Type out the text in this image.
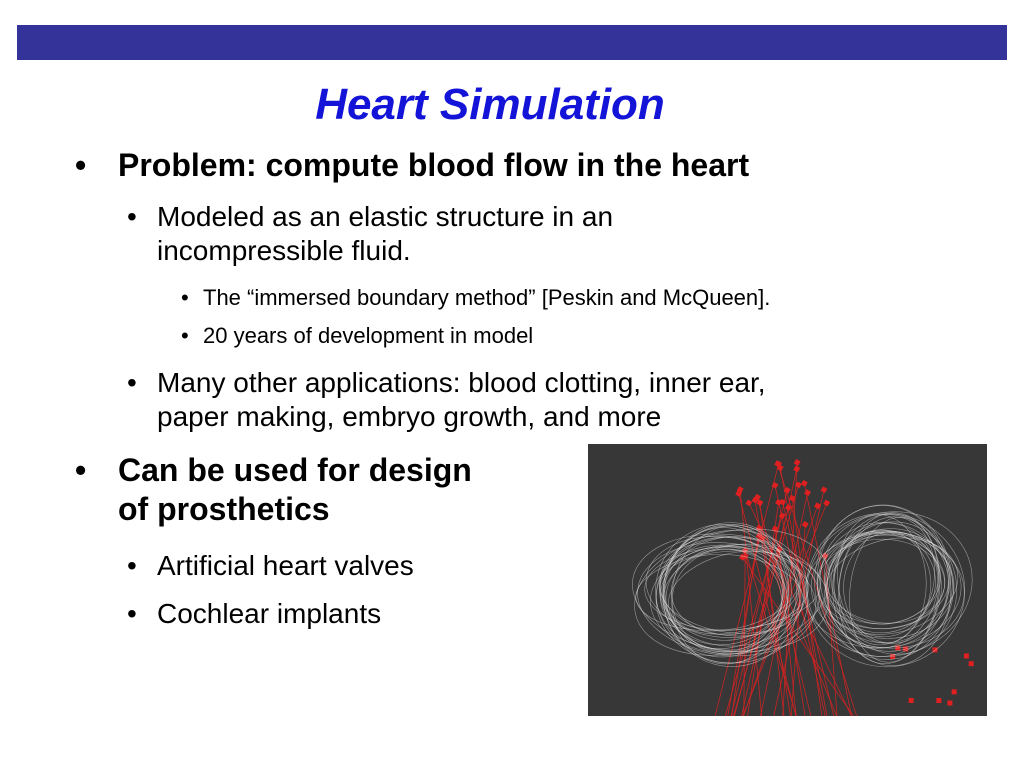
Heart Simulation
• Problem: compute blood flow in the heart
• Modeled as an elastic structure in an
incompressible fluid.
• The “immersed boundary method” [Peskin and McQueen].
• 20 years of development in model
• Many other applications: blood clotting, inner ear,
paper making, embryo growth, and more
• Can be used for design
of prosthetics
• Artificial heart valves
• Cochlear implants
